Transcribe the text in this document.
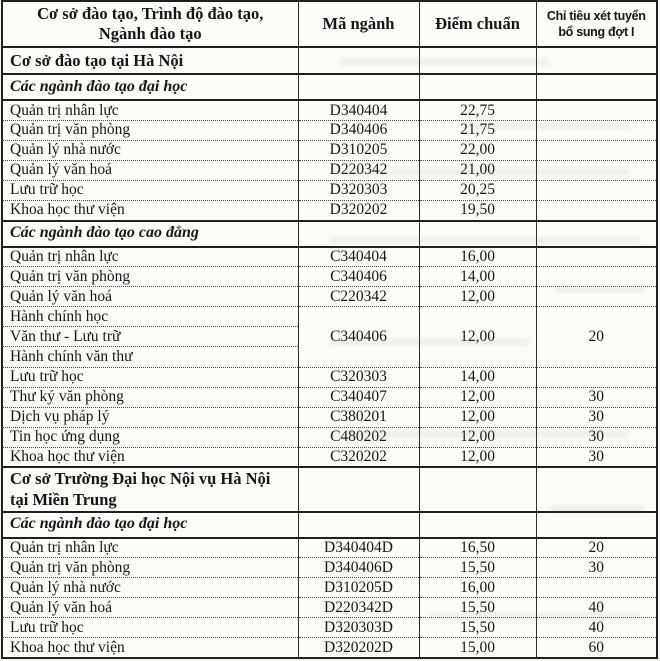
Cơ sở đào tạo, Trình độ đào tạo,
Ngành đào tạo	Mã ngành	Điểm chuẩn	Chỉ tiêu xét tuyển
bổ sung đợt I

Cơ sở đào tạo tại Hà Nội			
Các ngành đào tạo đại học			
Quản trị nhân lực	D340404	22,75	
Quản trị văn phòng	D340406	21,75	
Quản lý nhà nước	D310205	22,00	
Quản lý văn hoá	D220342	21,00	
Lưu trữ học	D320303	20,25	
Khoa học thư viện	D320202	19,50	
Các ngành đào tạo cao đẳng			
Quản trị nhân lực	C340404	16,00	
Quản trị văn phòng	C340406	14,00	
Quản lý văn hoá	C220342	12,00	
Hành chính học	C340406	12,00	20
Văn thư - Lưu trữ			
Hành chính văn thư			
Lưu trữ học	C320303	14,00	
Thư ký văn phòng	C340407	12,00	30
Dịch vụ pháp lý	C380201	12,00	30
Tin học ứng dụng	C480202	12,00	30
Khoa học thư viện	C320202	12,00	30
Cơ sở Trường Đại học Nội vụ Hà Nội tại Miền Trung			
Các ngành đào tạo đại học			
Quản trị nhân lực	D340404D	16,50	20
Quản trị văn phòng	D340406D	15,50	30
Quản lý nhà nước	D310205D	16,00	
Quản lý văn hoá	D220342D	15,50	40
Lưu trữ học	D320303D	15,50	40
Khoa học thư viện	D320202D	15,00	60
